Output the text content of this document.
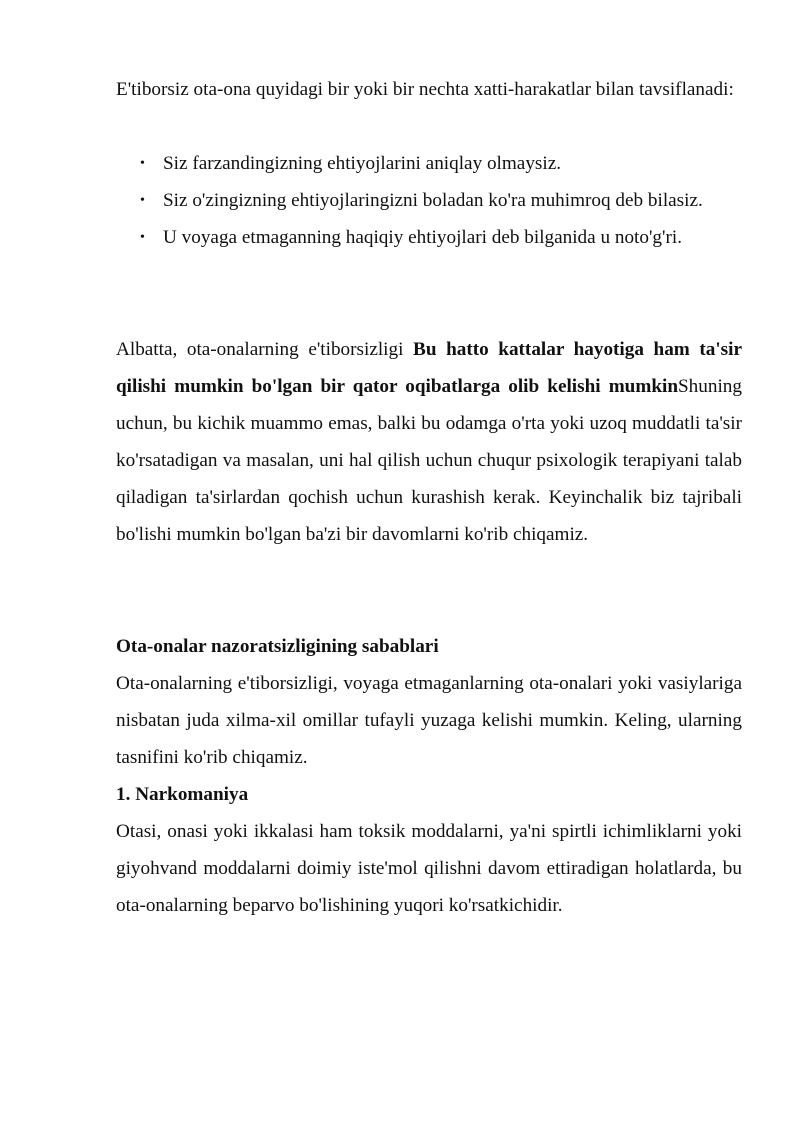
E'tiborsiz ota-ona quyidagi bir yoki bir nechta xatti-harakatlar bilan tavsiflanadi:

• Siz farzandingizning ehtiyojlarini aniqlay olmaysiz.
• Siz o'zingizning ehtiyojlaringizni boladan ko'ra muhimroq deb bilasiz.
• U voyaga etmaganning haqiqiy ehtiyojlari deb bilganida u noto'g'ri.

Albatta, ota-onalarning e'tiborsizligi Bu hatto kattalar hayotiga ham ta'sir qilishi mumkin bo'lgan bir qator oqibatlarga olib kelishi mumkinShuning uchun, bu kichik muammo emas, balki bu odamga o'rta yoki uzoq muddatli ta'sir ko'rsatadigan va masalan, uni hal qilish uchun chuqur psixologik terapiyani talab qiladigan ta'sirlardan qochish uchun kurashish kerak. Keyinchalik biz tajribali bo'lishi mumkin bo'lgan ba'zi bir davomlarni ko'rib chiqamiz.

Ota-onalar nazoratsizligining sabablari

Ota-onalarning e'tiborsizligi, voyaga etmaganlarning ota-onalari yoki vasiylariga nisbatan juda xilma-xil omillar tufayli yuzaga kelishi mumkin. Keling, ularning tasnifini ko'rib chiqamiz.

1. Narkomaniya

Otasi, onasi yoki ikkalasi ham toksik moddalarni, ya'ni spirtli ichimliklarni yoki giyohvand moddalarni doimiy iste'mol qilishni davom ettiradigan holatlarda, bu ota-onalarning beparvo bo'lishining yuqori ko'rsatkichidir.
